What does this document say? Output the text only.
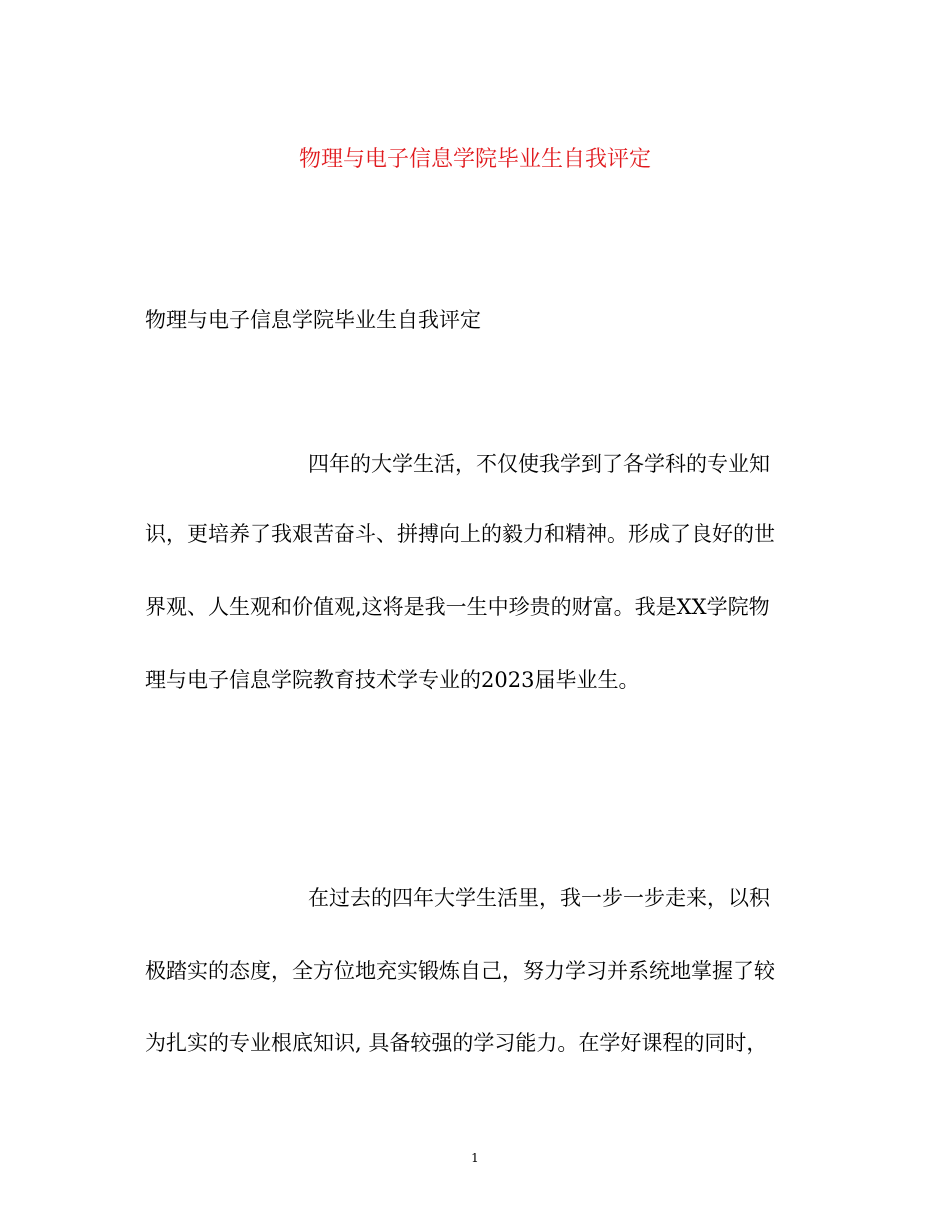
物理与电子信息学院毕业生自我评定
物理与电子信息学院毕业生自我评定
四年的大学生活，不仅使我学到了各学科的专业知
识，更培养了我艰苦奋斗、拼搏向上的毅力和精神。形成了良好的世
界观、人生观和价值观,这将是我一生中珍贵的财富。我是XX学院物
理与电子信息学院教育技术学专业的2023届毕业生。
在过去的四年大学生活里，我一步一步走来，以积
极踏实的态度，全方位地充实锻炼自己，努力学习并系统地掌握了较
为扎实的专业根底知识, 具备较强的学习能力。在学好课程的同时，
1
